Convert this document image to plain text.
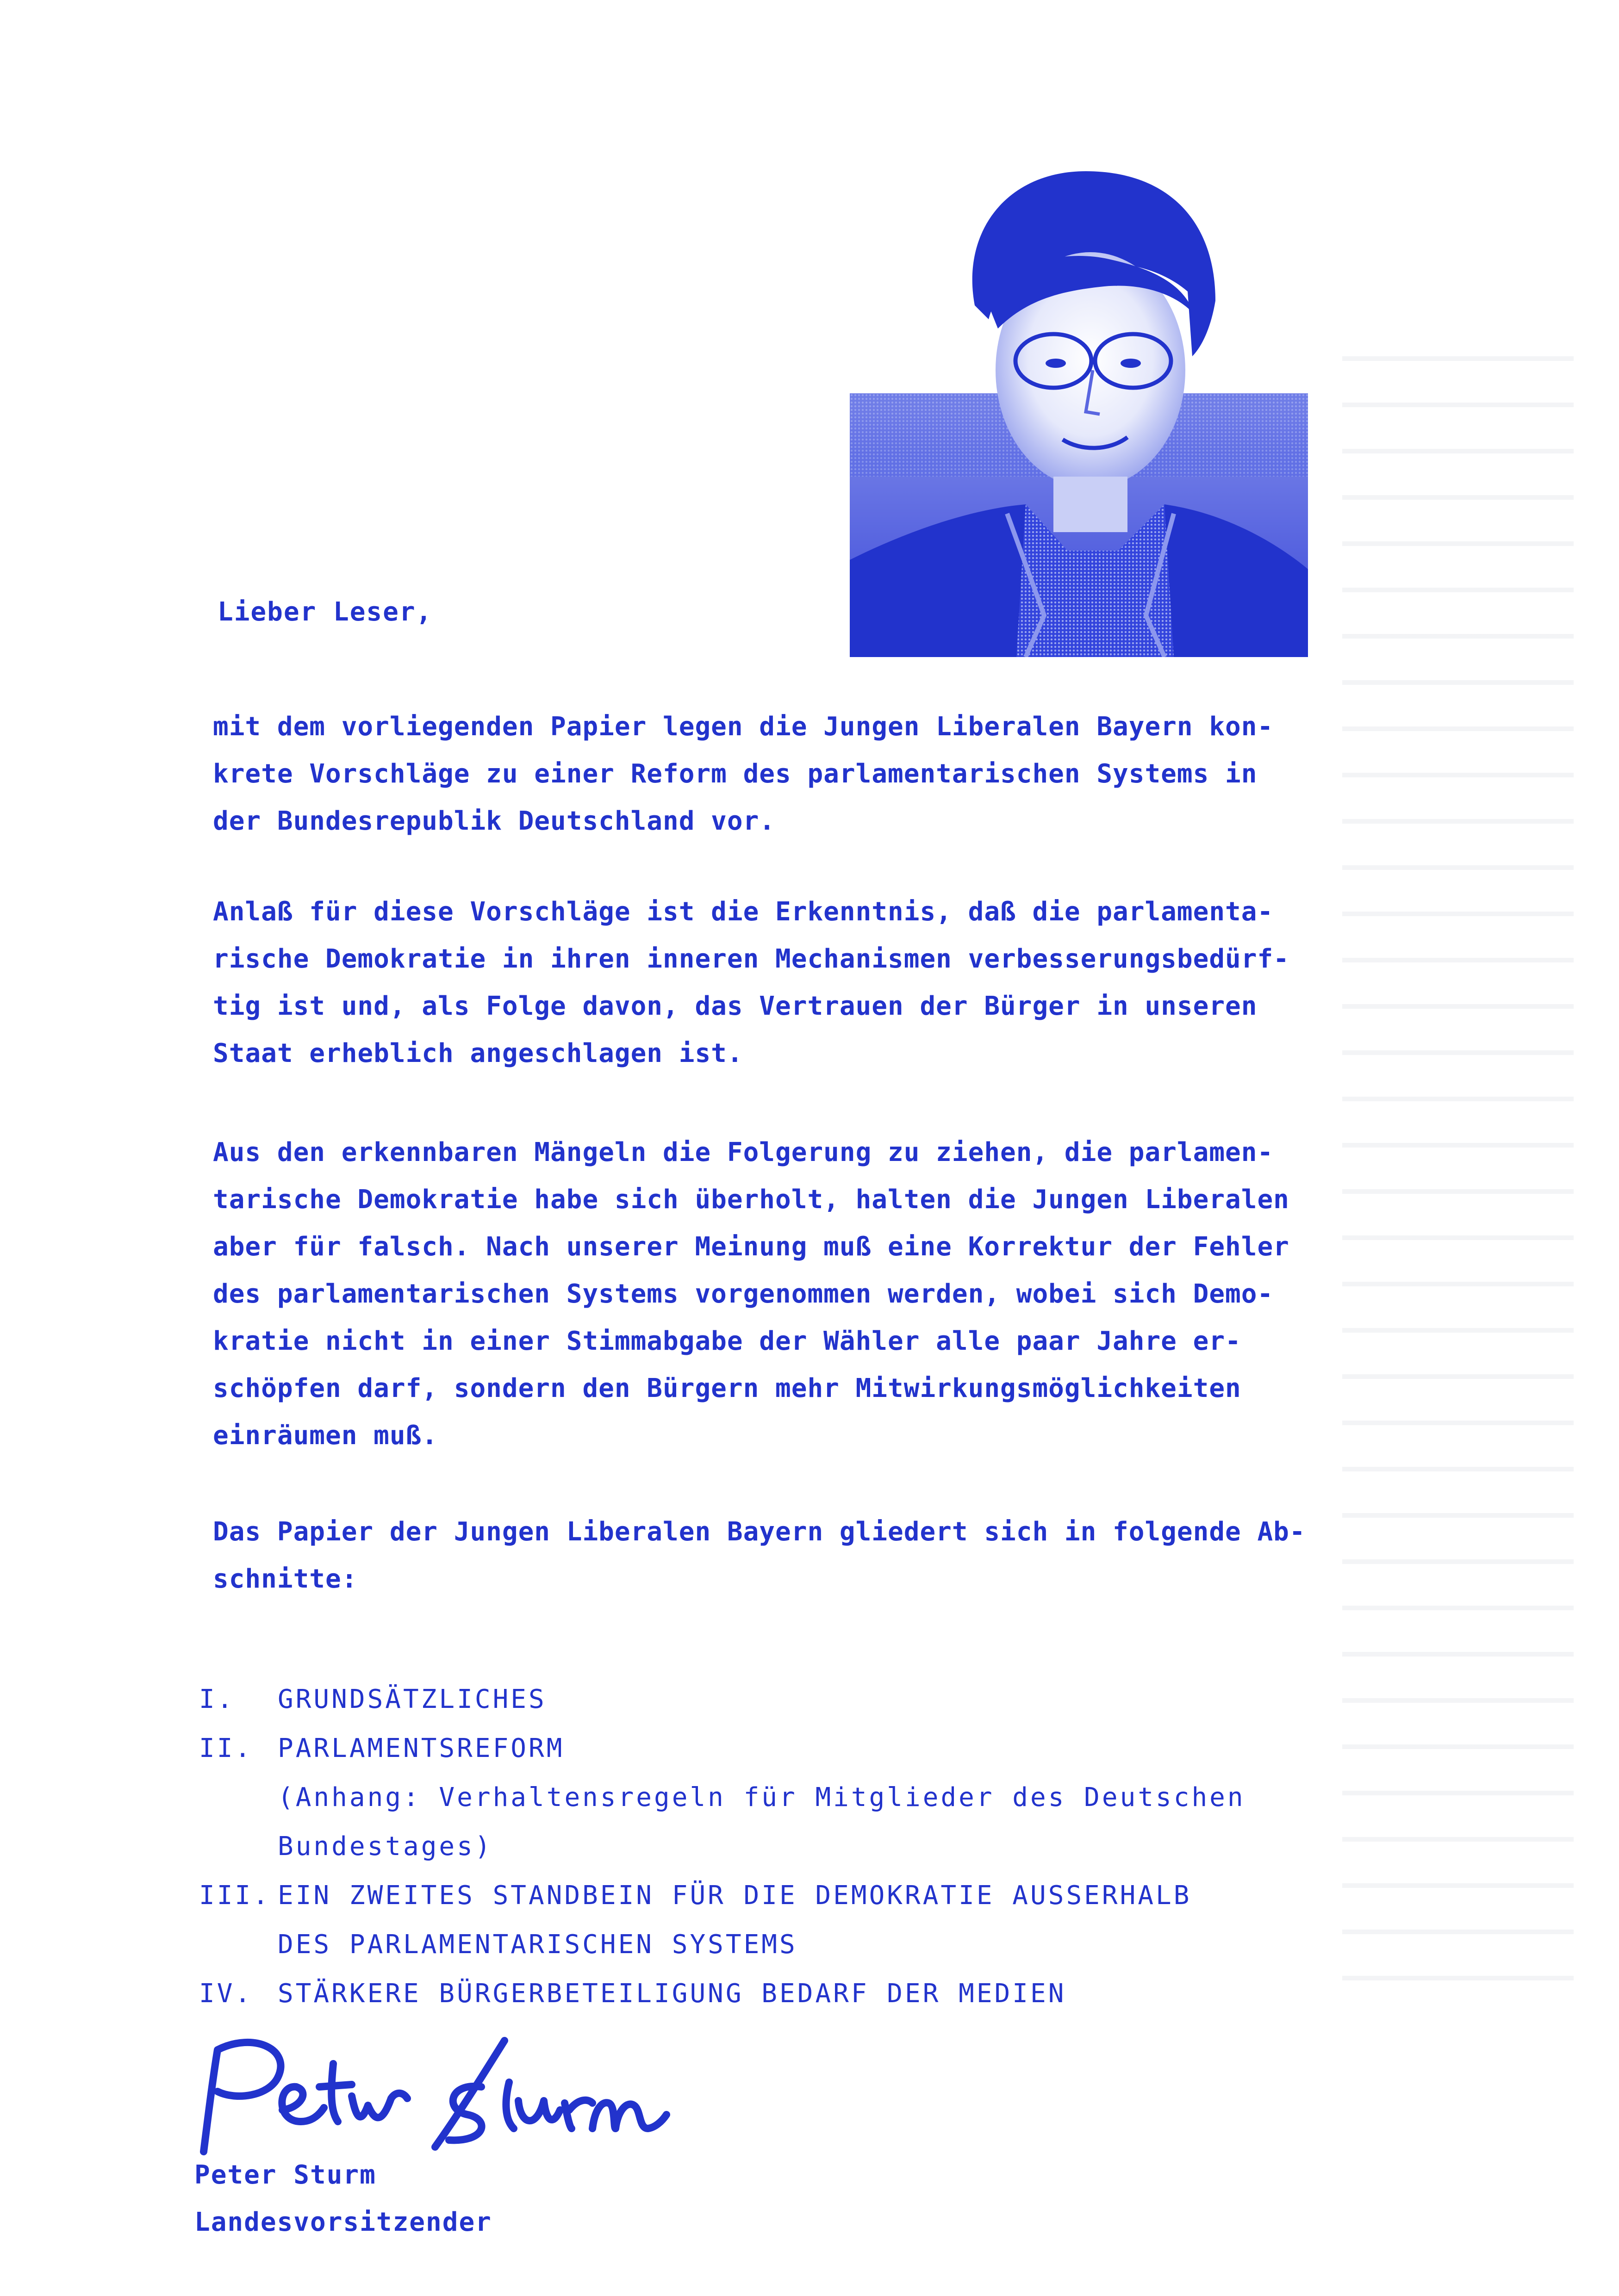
Lieber Leser,

mit dem vorliegenden Papier legen die Jungen Liberalen Bayern kon-
krete Vorschläge zu einer Reform des parlamentarischen Systems in
der Bundesrepublik Deutschland vor.

Anlaß für diese Vorschläge ist die Erkenntnis, daß die parlamenta-
rische Demokratie in ihren inneren Mechanismen verbesserungsbedürf-
tig ist und, als Folge davon, das Vertrauen der Bürger in unseren
Staat erheblich angeschlagen ist.

Aus den erkennbaren Mängeln die Folgerung zu ziehen, die parlamen-
tarische Demokratie habe sich überholt, halten die Jungen Liberalen
aber für falsch. Nach unserer Meinung muß eine Korrektur der Fehler
des parlamentarischen Systems vorgenommen werden, wobei sich Demo-
kratie nicht in einer Stimmabgabe der Wähler alle paar Jahre er-
schöpfen darf, sondern den Bürgern mehr Mitwirkungsmöglichkeiten
einräumen muß.

Das Papier der Jungen Liberalen Bayern gliedert sich in folgende Ab-
schnitte:

I.	GRUNDSÄTZLICHES
II. PARLAMENTSREFORM
(Anhang: Verhaltensregeln für Mitglieder des Deutschen
Bundestages)
III. EIN ZWEITES STANDBEIN FÜR DIE DEMOKRATIE AUSSERHALB
DES PARLAMENTARISCHEN SYSTEMS
IV. STÄRKERE BÜRGERBETEILIGUNG BEDARF DER MEDIEN

Peter Sturm
Landesvorsitzender
